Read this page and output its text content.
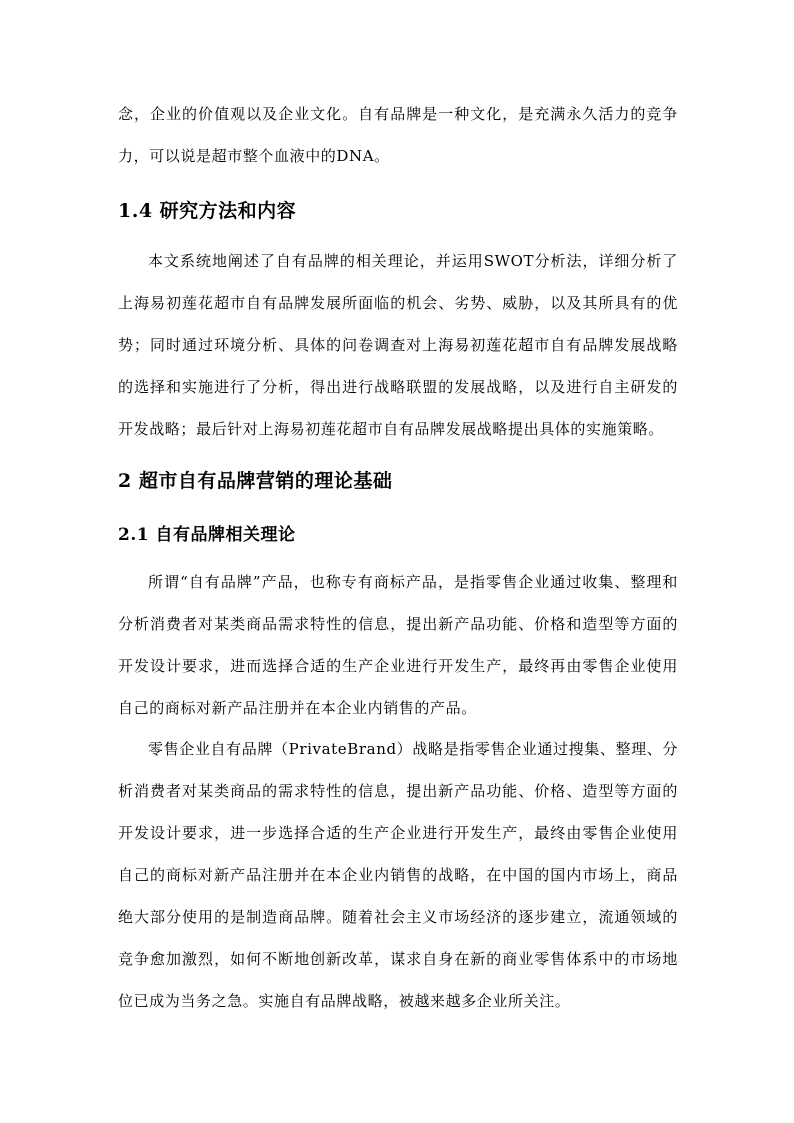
念，企业的价值观以及企业文化。自有品牌是一种文化，是充满永久活力的竞争力，可以说是超市整个血液中的DNA。

1.4 研究方法和内容

本文系统地阐述了自有品牌的相关理论，并运用SWOT分析法，详细分析了上海易初莲花超市自有品牌发展所面临的机会、劣势、威胁，以及其所具有的优势；同时通过环境分析、具体的问卷调查对上海易初莲花超市自有品牌发展战略的选择和实施进行了分析，得出进行战略联盟的发展战略，以及进行自主研发的开发战略；最后针对上海易初莲花超市自有品牌发展战略提出具体的实施策略。

2 超市自有品牌营销的理论基础
2.1 自有品牌相关理论

所谓“自有品牌”产品，也称专有商标产品，是指零售企业通过收集、整理和分析消费者对某类商品需求特性的信息，提出新产品功能、价格和造型等方面的开发设计要求，进而选择合适的生产企业进行开发生产，最终再由零售企业使用自己的商标对新产品注册并在本企业内销售的产品。

零售企业自有品牌（PrivateBrand）战略是指零售企业通过搜集、整理、分析消费者对某类商品的需求特性的信息，提出新产品功能、价格、造型等方面的开发设计要求，进一步选择合适的生产企业进行开发生产，最终由零售企业使用自己的商标对新产品注册并在本企业内销售的战略，在中国的国内市场上，商品绝大部分使用的是制造商品牌。随着社会主义市场经济的逐步建立，流通领域的竞争愈加激烈，如何不断地创新改革，谋求自身在新的商业零售体系中的市场地位已成为当务之急。实施自有品牌战略，被越来越多企业所关注。
